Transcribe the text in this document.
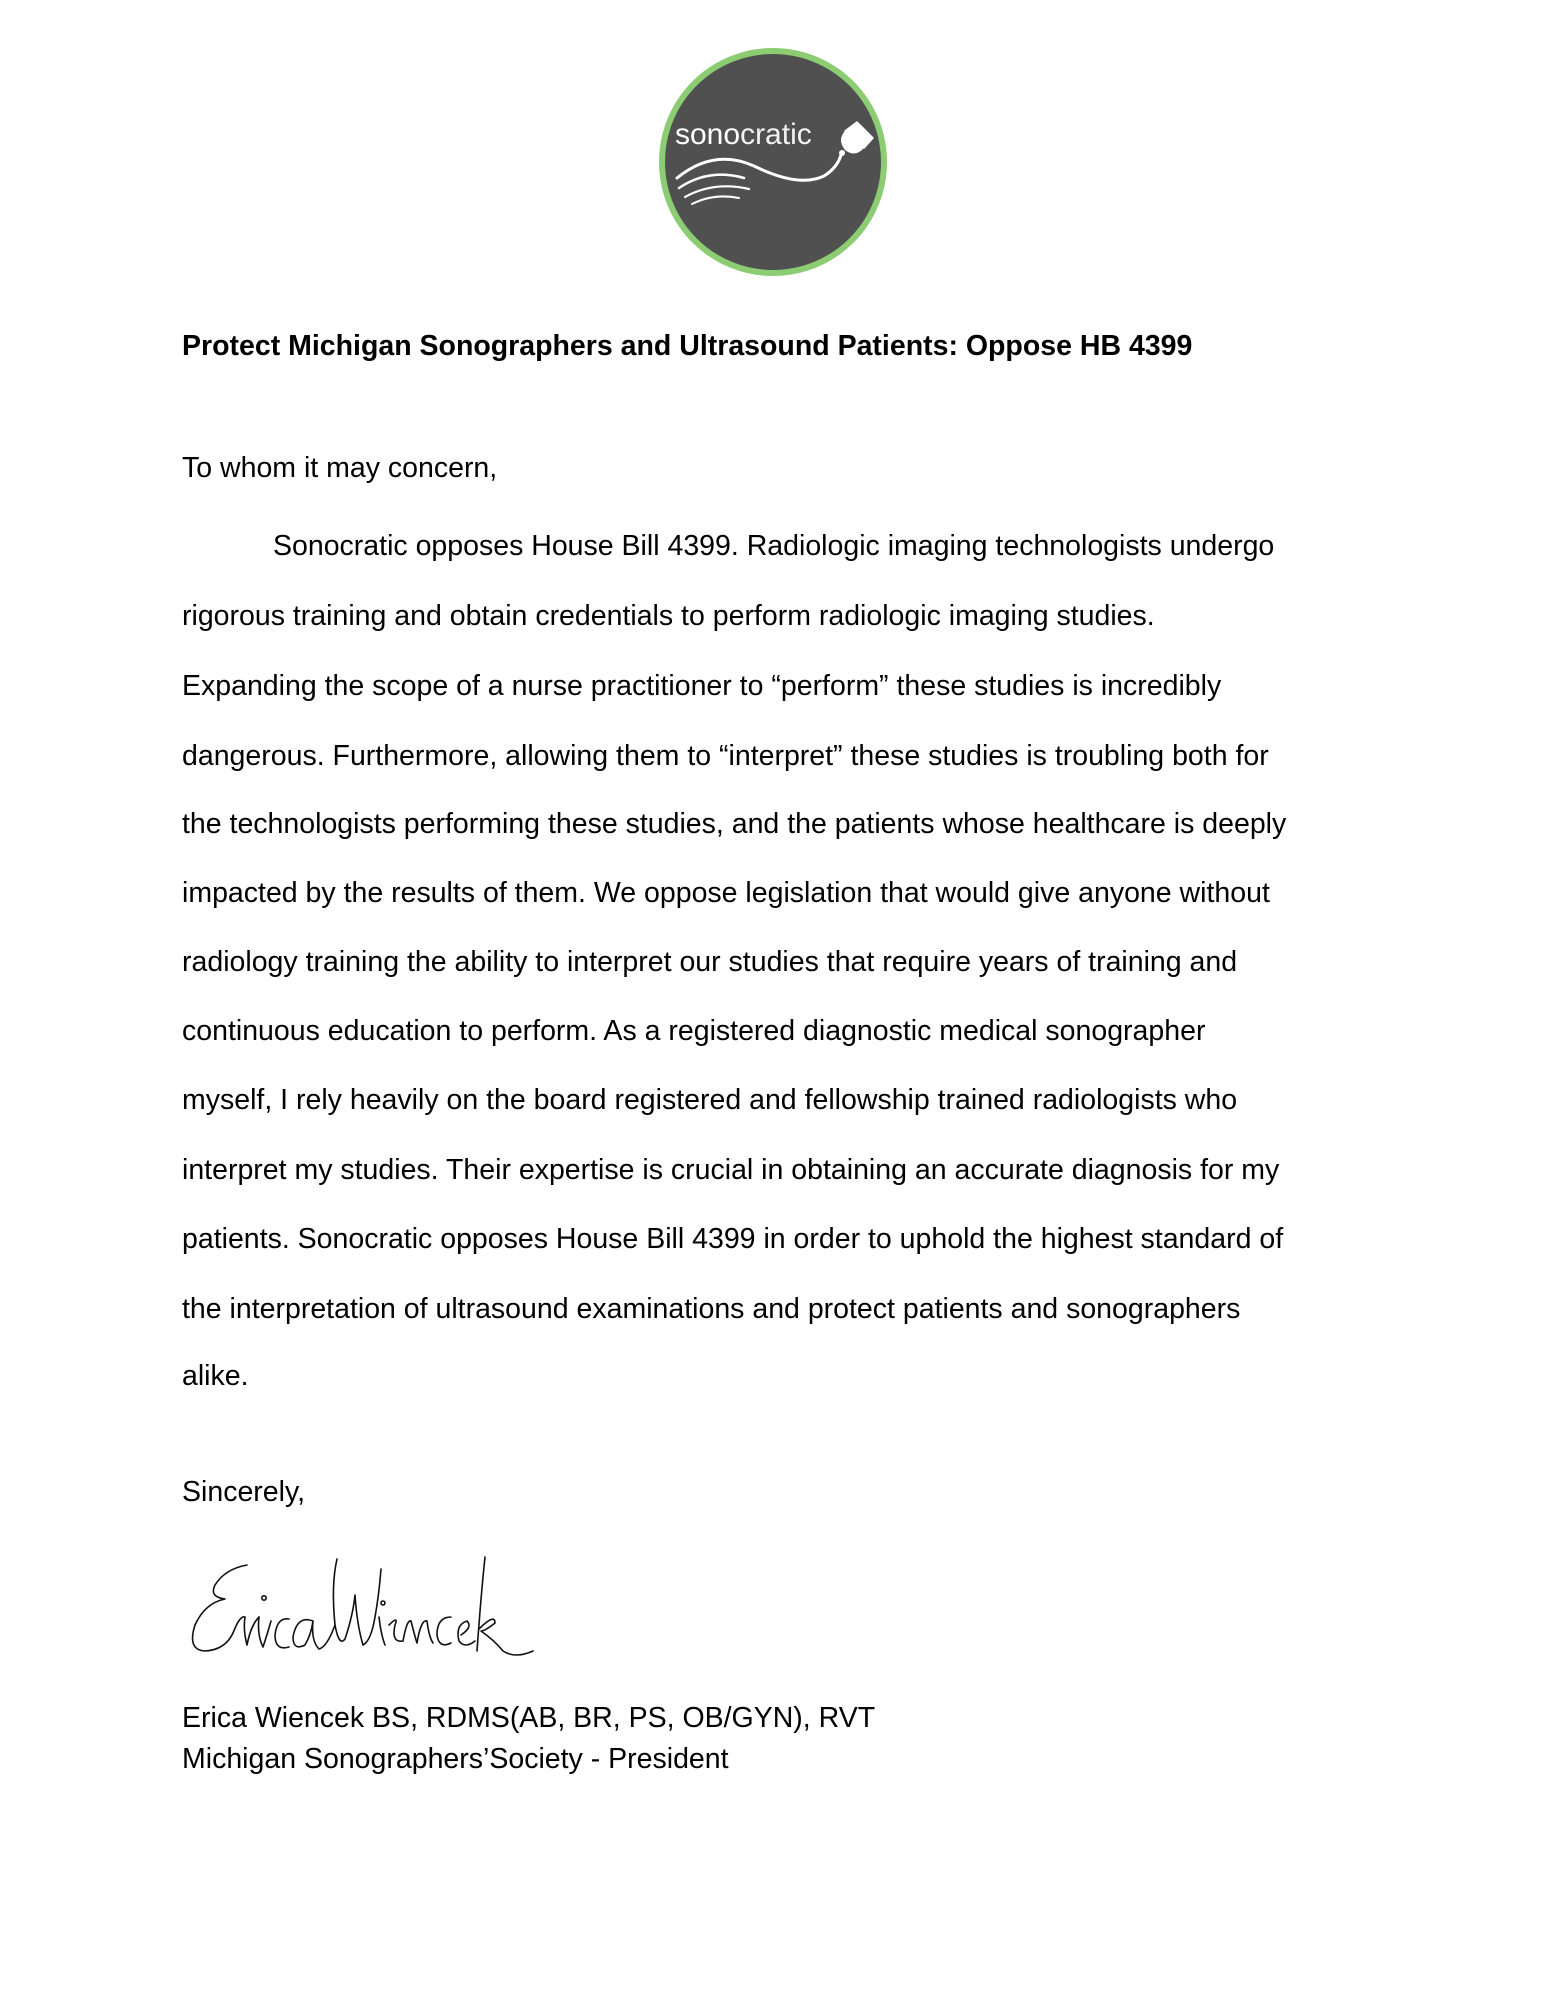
sonocratic
Protect Michigan Sonographers and Ultrasound Patients: Oppose HB 4399
To whom it may concern,
Sonocratic opposes House Bill 4399. Radiologic imaging technologists undergo
rigorous training and obtain credentials to perform radiologic imaging studies.
Expanding the scope of a nurse practitioner to “perform” these studies is incredibly
dangerous. Furthermore, allowing them to “interpret” these studies is troubling both for
the technologists performing these studies, and the patients whose healthcare is deeply
impacted by the results of them. We oppose legislation that would give anyone without
radiology training the ability to interpret our studies that require years of training and
continuous education to perform. As a registered diagnostic medical sonographer
myself, I rely heavily on the board registered and fellowship trained radiologists who
interpret my studies. Their expertise is crucial in obtaining an accurate diagnosis for my
patients. Sonocratic opposes House Bill 4399 in order to uphold the highest standard of
the interpretation of ultrasound examinations and protect patients and sonographers
alike.
Sincerely,
Erica Wiencek BS, RDMS(AB, BR, PS, OB/GYN), RVT
Michigan Sonographers’Society - President
